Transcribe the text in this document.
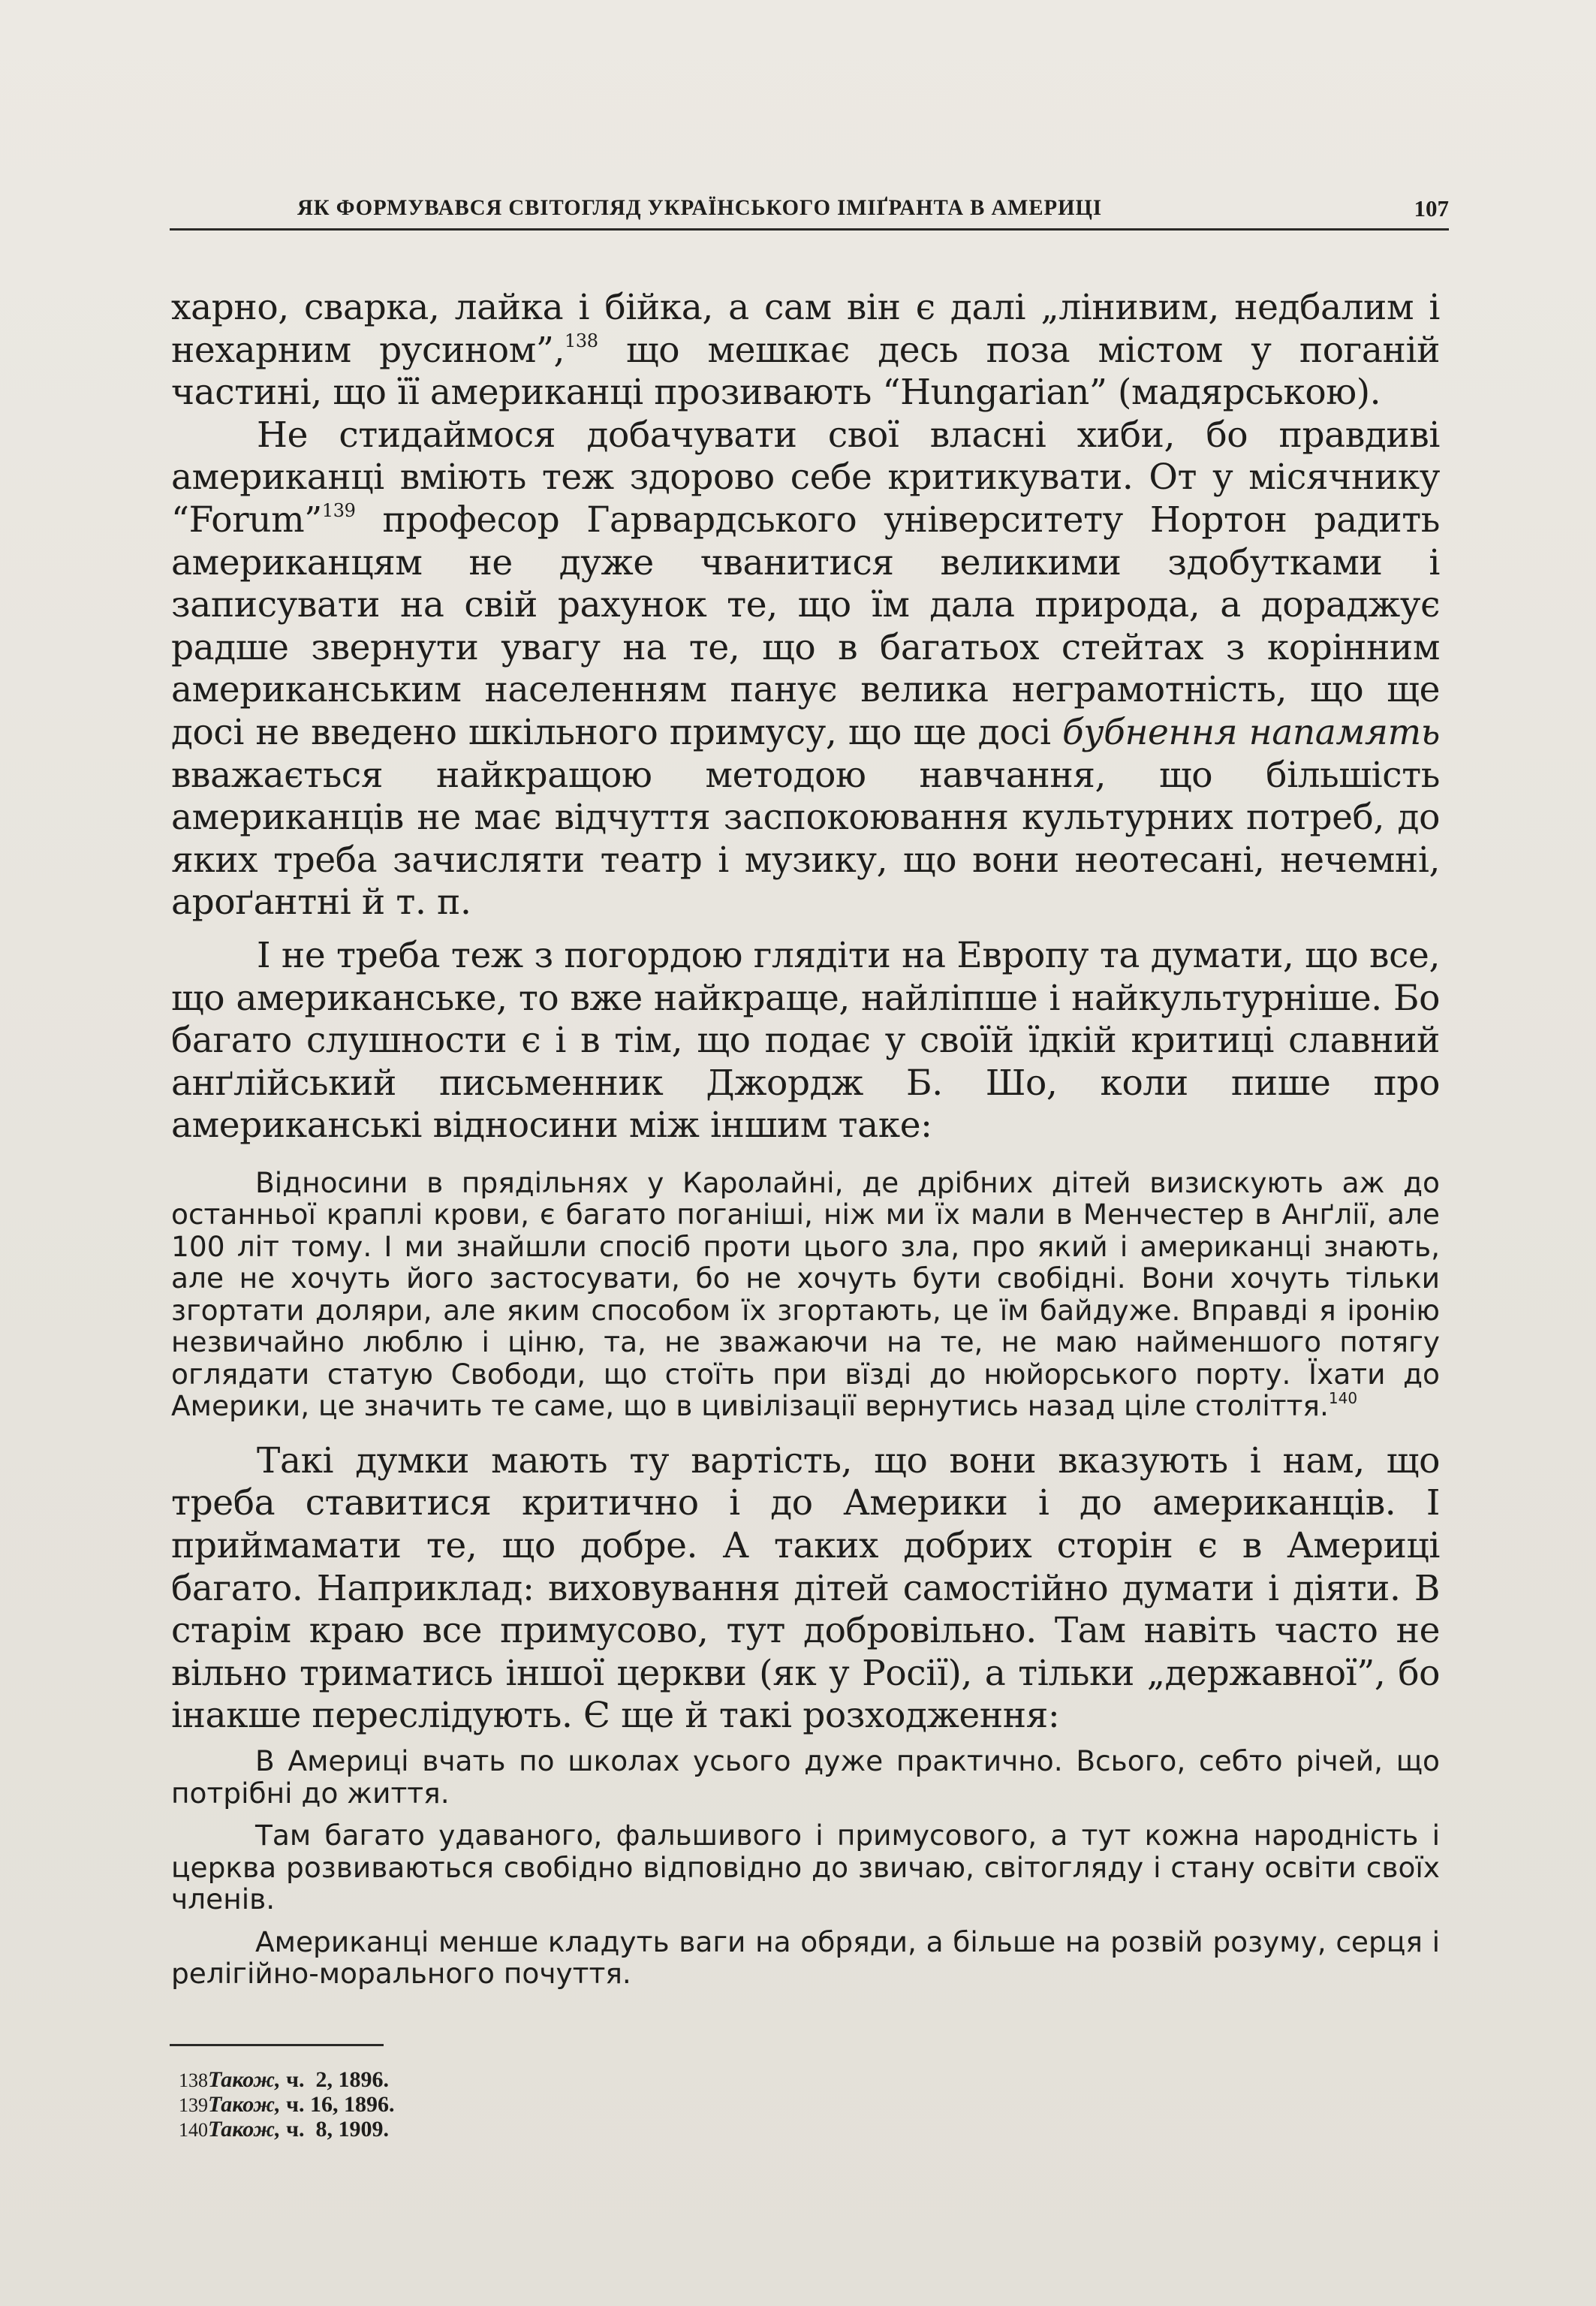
ЯК ФОРМУВАВСЯ СВІТОГЛЯД УКРАЇНСЬКОГО ІМІҐРАНТА В АМЕРИЦІ	107

харно, сварка, лайка і бійка, а сам він є далі „лінивим, недбалим і нехарним русином”,$^{138}$ що мешкає десь поза містом у поганій частині, що її американці прозивають “Hungarian” (мадярською).

Не стидаймося добачувати свої власні хиби, бо правдиві американці вміють теж здорово себе критикувати. От у місячнику “Forum”$^{139}$ професор Гарвардського університету Нортон радить американцям не дуже чванитися великими здобутками і записувати на свій рахунок те, що їм дала природа, а дораджує радше звернути увагу на те, що в багатьох стейтах з корінним американським населенням панує велика неграмотність, що ще досі не введено шкільного примусу, що ще досі бубнення напамять вважається найкращою методою навчання, що більшість американців не має відчуття заспокоювання культурних потреб, до яких треба зачисляти театр і музику, що вони неотесані, нечемні, ароґантні й т. п.

І не треба теж з погордою глядіти на Европу та думати, що все, що американське, то вже найкраще, найліпше і найкультурніше. Бо багато слушности є і в тім, що подає у своїй їдкій критиці славний анґлійський письменник Джордж Б. Шо, коли пише про американські відносини між іншим таке:

Відносини в прядільнях у Каролайні, де дрібних дітей визискують аж до останньої краплі крови, є багато поганіші, ніж ми їх мали в Менчестер в Анґлії, але 100 літ тому. І ми знайшли спосіб проти цього зла, про який і американці знають, але не хочуть його застосувати, бо не хочуть бути свобідні. Вони хочуть тільки згортати доляри, але яким способом їх згортають, це їм байдуже. Вправді я іронію незвичайно люблю і ціню, та, не зважаючи на те, не маю найменшого потягу оглядати статую Свободи, що стоїть при вїзді до нюйорського порту. Їхати до Америки, це значить те саме, що в цивілізації вернутись назад ціле століття.$^{140}$

Такі думки мають ту вартість, що вони вказують і нам, що треба ставитися критично і до Америки і до американців. І приймамати те, що добре. А таких добрих сторін є в Америці багато. Наприклад: виховування дітей самостійно думати і діяти. В старім краю все примусово, тут добровільно. Там навіть часто не вільно триматись іншої церкви (як у Росії), а тільки „державної”, бо інакше переслідують. Є ще й такі розходження:

В Америці вчать по школах усього дуже практично. Всього, себто річей, що потрібні до життя.

Там багато удаваного, фальшивого і примусового, а тут кожна народність і церква розвиваються свобідно відповідно до звичаю, світогляду і стану освіти своїх членів.

Американці менше кладуть ваги на обряди, а більше на розвій розуму, серця і релігійно-морального почуття.

138Також, ч.  2, 1896.
139Також, ч. 16, 1896.
140Також, ч.  8, 1909.
